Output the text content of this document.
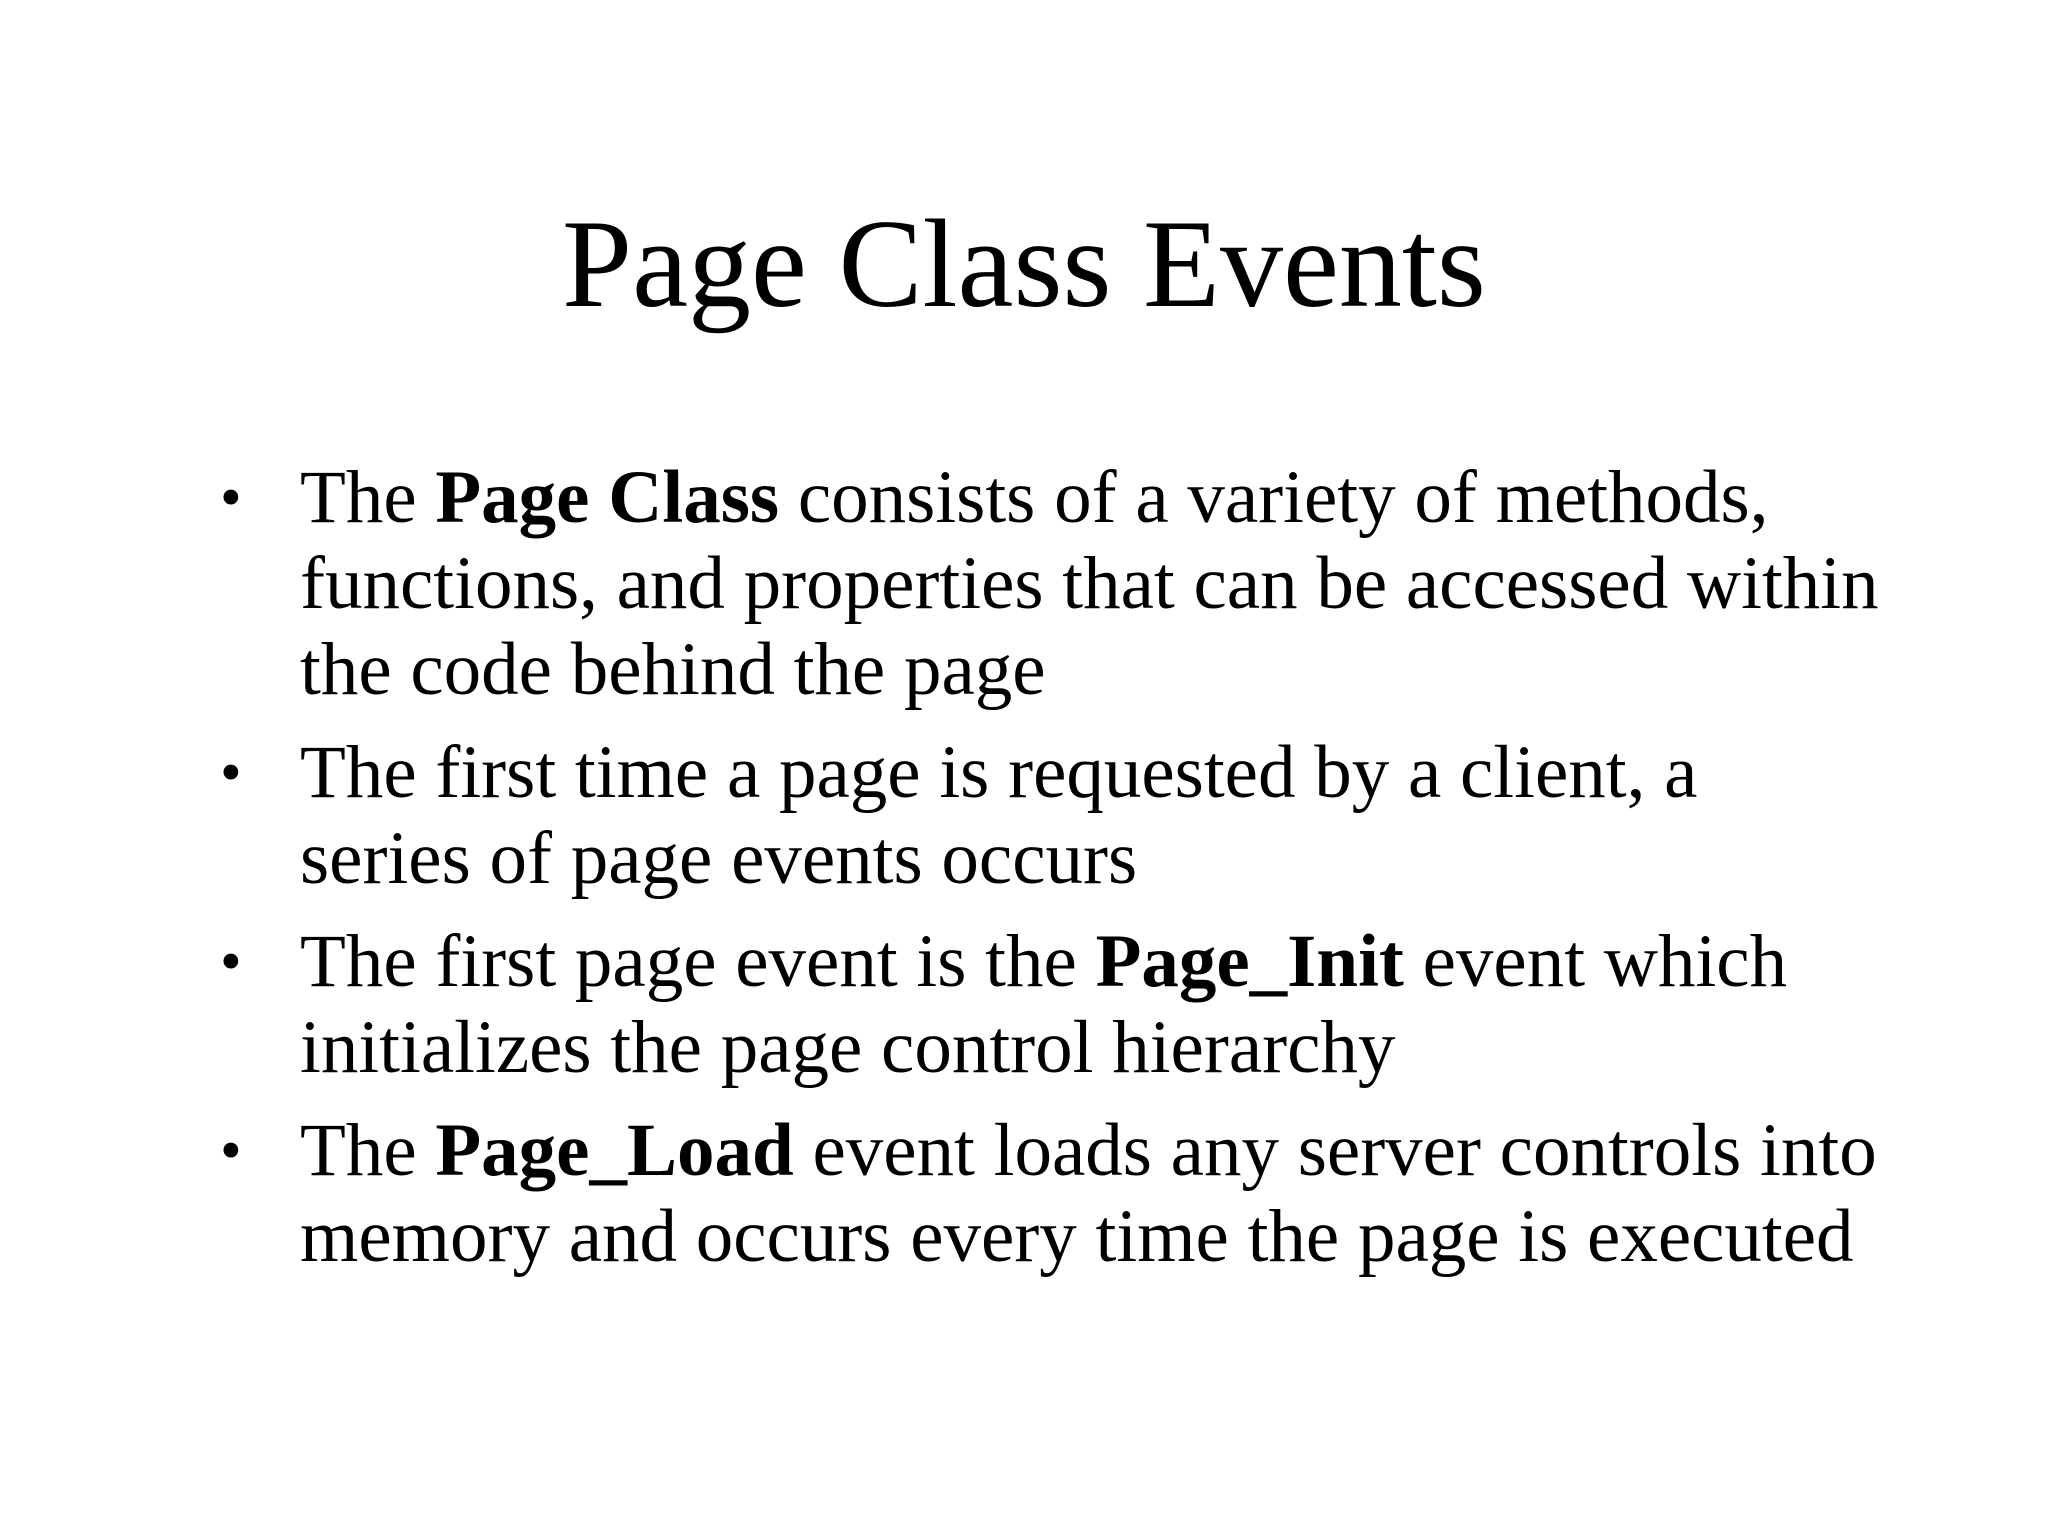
Page Class Events
• The Page Class consists of a variety of methods, functions, and properties that can be accessed within the code behind the page
• The first time a page is requested by a client, a series of page events occurs
• The first page event is the Page_Init event which initializes the page control hierarchy
• The Page_Load event loads any server controls into memory and occurs every time the page is executed
